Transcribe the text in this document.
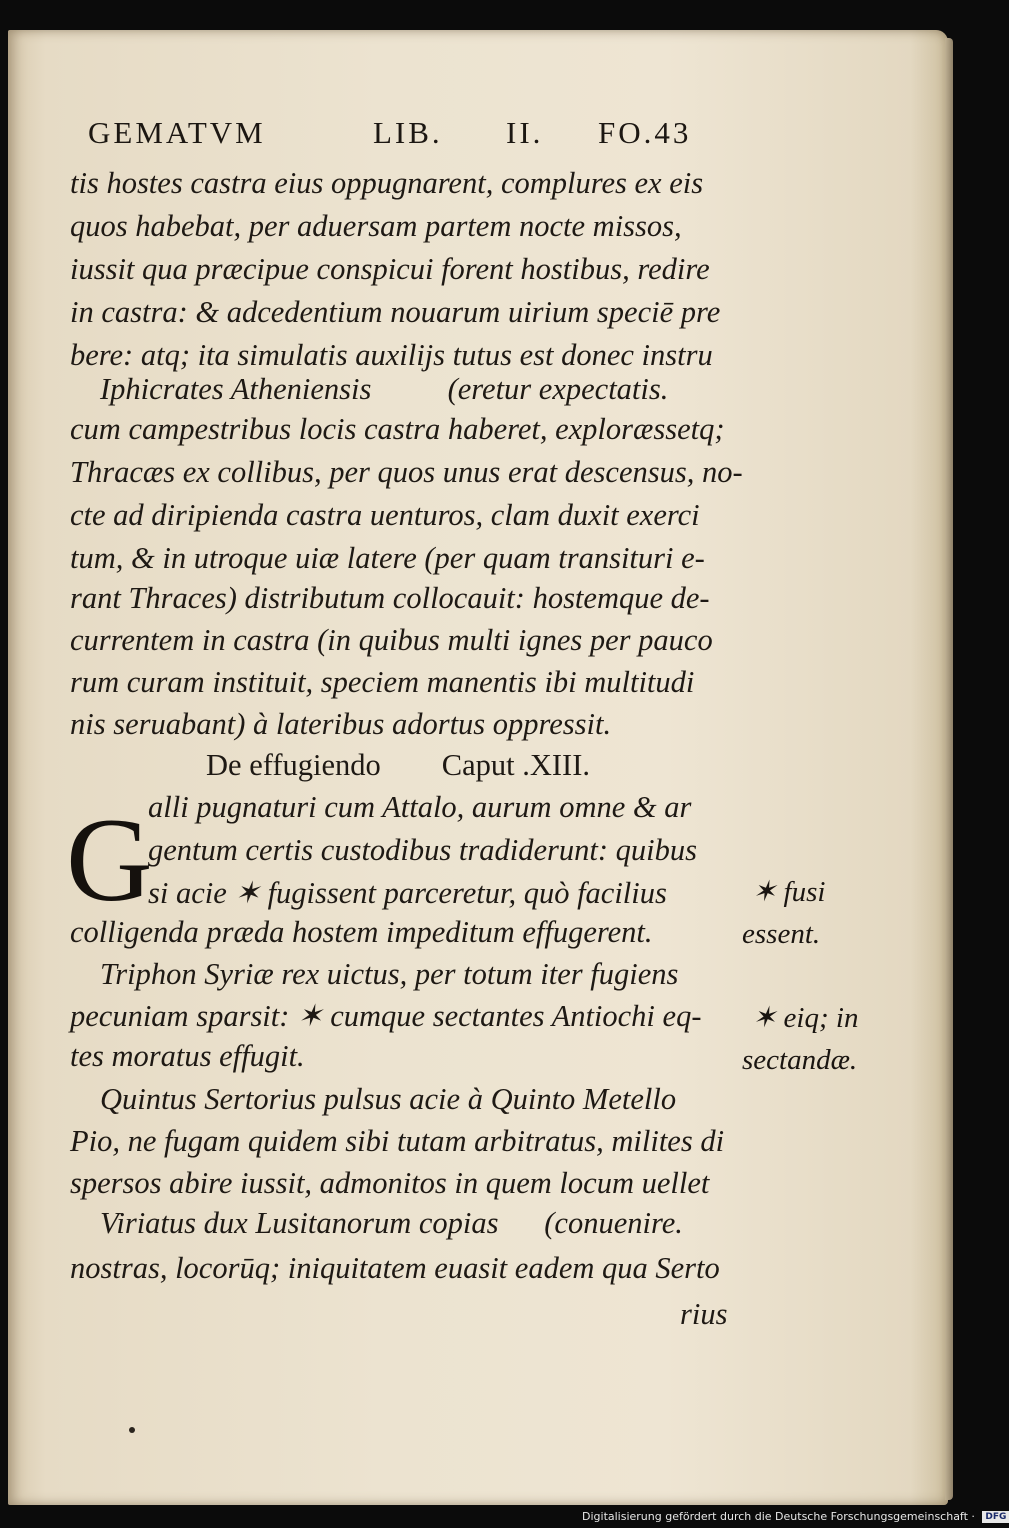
GEMATVM	LIB. II. FO.43
tis hostes castra eius oppugnarent, complures ex eis
quos habebat, per aduersam partem nocte missos,
iussit qua præcipue conspicui forent hostibus, redire
in castra: & adcedentium nouarum uirium speciē pre
bere: atq; ita simulatis auxilijs tutus est donec instru
Iphicrates Atheniensis          (eretur expectatis.
cum campestribus locis castra haberet, exploræssetq;
Thracæs ex collibus, per quos unus erat descensus, no-
cte ad diripienda castra uenturos, clam duxit exerci
tum, & in utroque uiæ latere (per quam transituri e-
rant Thraces) distributum collocauit: hostemque de-
currentem in castra (in quibus multi ignes per pauco
rum curam instituit, speciem manentis ibi multitudi
nis seruabant) à lateribus adortus oppressit.
De effugiendo        Caput .XIII.
G
alli pugnaturi cum Attalo, aurum omne & ar
gentum certis custodibus tradiderunt: quibus
si acie ✶ fugissent parceretur, quò facilius
colligenda præda hostem impeditum effugerent.
Triphon Syriæ rex uictus, per totum iter fugiens
pecuniam sparsit: ✶ cumque sectantes Antiochi eq-
tes moratus effugit.
Quintus Sertorius pulsus acie à Quinto Metello
Pio, ne fugam quidem sibi tutam arbitratus, milites di
spersos abire iussit, admonitos in quem locum uellet
Viriatus dux Lusitanorum copias      (conuenire.
nostras, locorūq; iniquitatem euasit eadem qua Serto
rius
✶ fusi
essent.
✶ eiq; in
sectandæ.
Digitalisierung gefördert durch die Deutsche Forschungsgemeinschaft · DFG
